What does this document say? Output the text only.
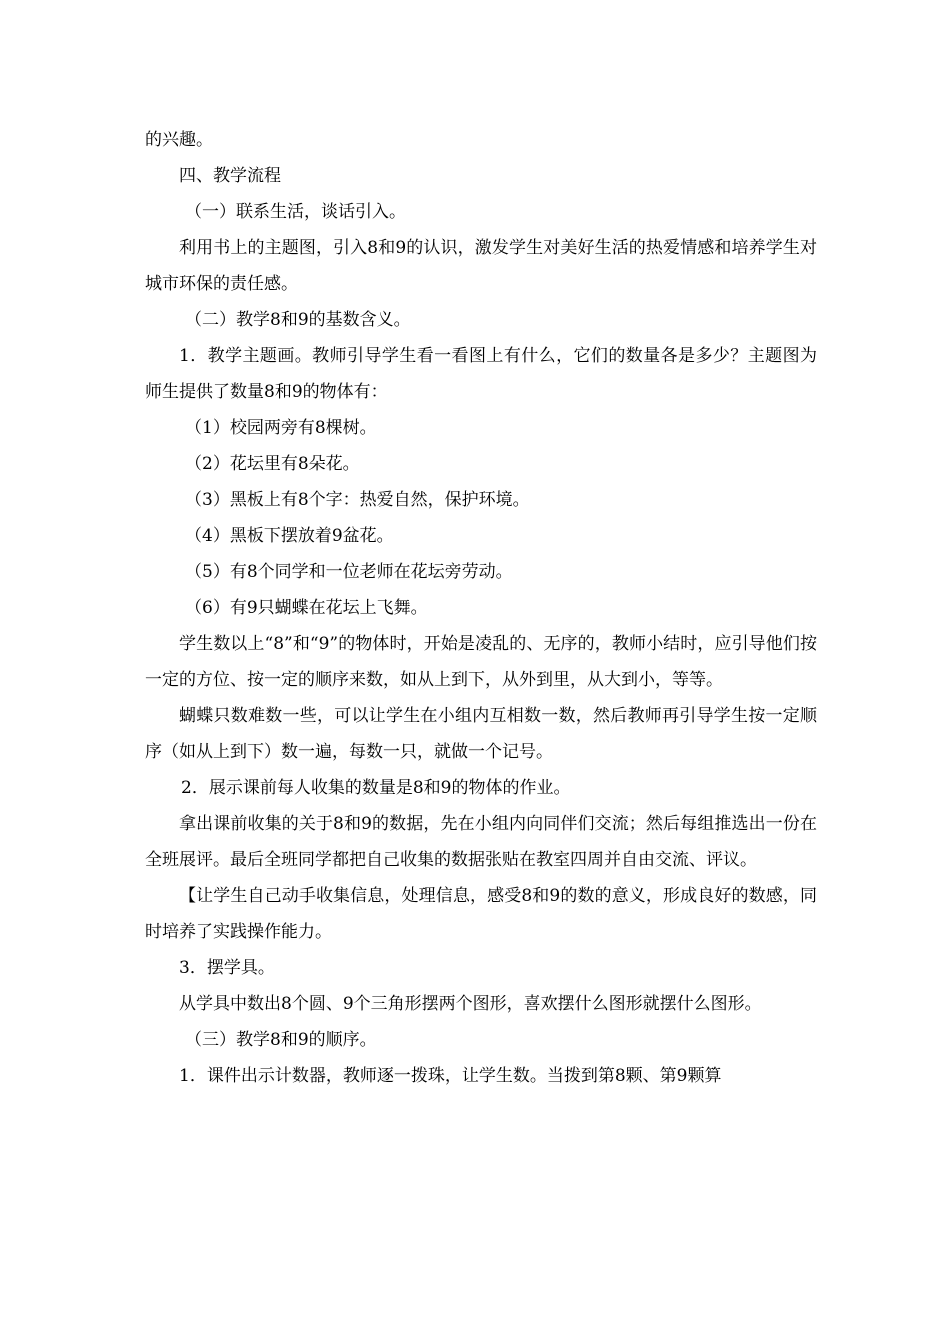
的兴趣。

四、教学流程

（一）联系生活，谈话引入。

利用书上的主题图，引入8和9的认识，激发学生对美好生活的热爱情感和培养学生对城市环保的责任感。

（二）教学8和9的基数含义。

1．教学主题画。教师引导学生看一看图上有什么，它们的数量各是多少？主题图为师生提供了数量8和9的物体有：

（1）校园两旁有8棵树。

（2）花坛里有8朵花。

（3）黑板上有8个字：热爱自然，保护环境。

（4）黑板下摆放着9盆花。

（5）有8个同学和一位老师在花坛旁劳动。

（6）有9只蝴蝶在花坛上飞舞。

学生数以上“8”和“9”的物体时，开始是凌乱的、无序的，教师小结时，应引导他们按一定的方位、按一定的顺序来数，如从上到下，从外到里，从大到小，等等。

蝴蝶只数难数一些，可以让学生在小组内互相数一数，然后教师再引导学生按一定顺序（如从上到下）数一遍，每数一只，就做一个记号。

2．展示课前每人收集的数量是8和9的物体的作业。

拿出课前收集的关于8和9的数据，先在小组内向同伴们交流；然后每组推选出一份在全班展评。最后全班同学都把自己收集的数据张贴在教室四周并自由交流、评议。

【让学生自己动手收集信息，处理信息，感受8和9的数的意义，形成良好的数感，同时培养了实践操作能力。

3．摆学具。

从学具中数出8个圆、9个三角形摆两个图形，喜欢摆什么图形就摆什么图形。

（三）教学8和9的顺序。

1．课件出示计数器，教师逐一拨珠，让学生数。当拨到第8颗、第9颗算
